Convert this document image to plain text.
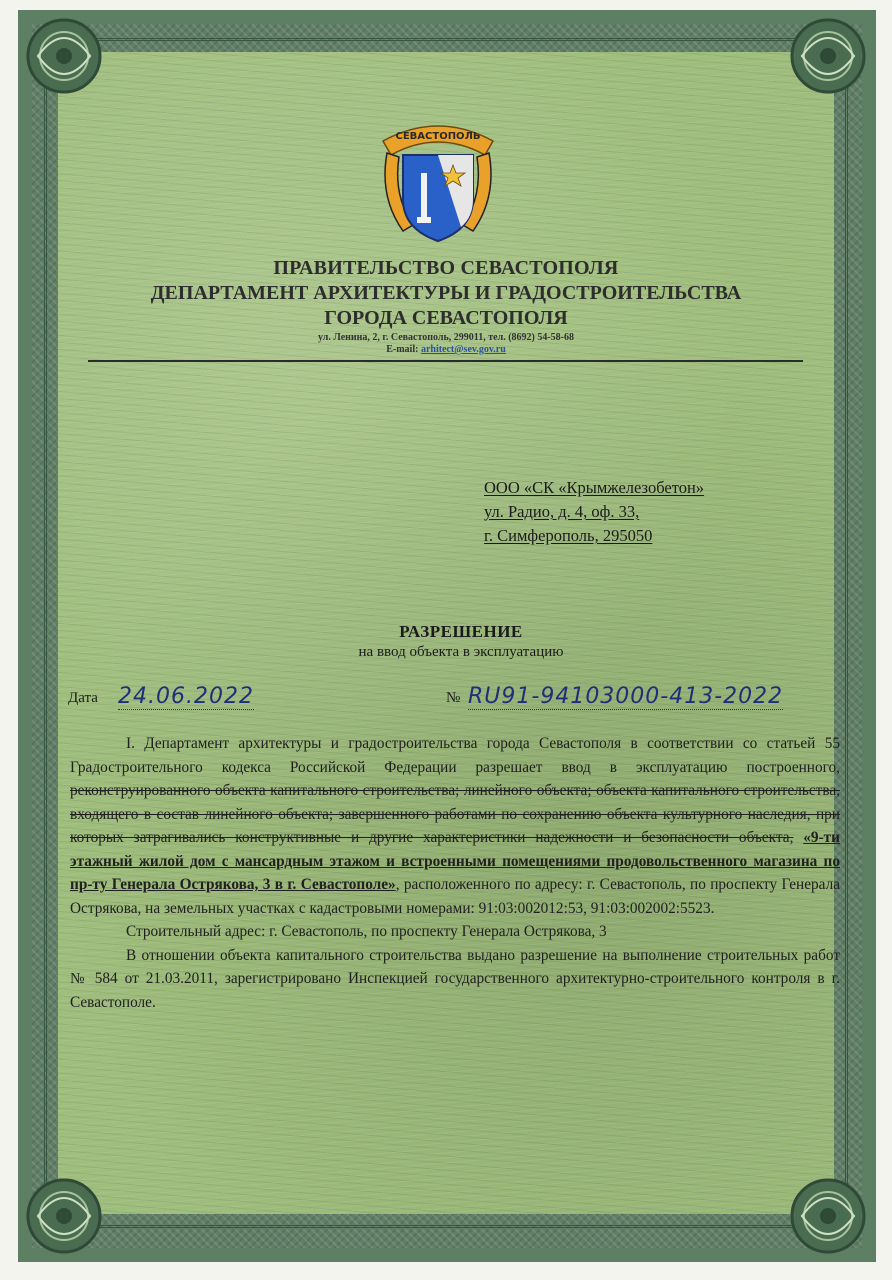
СЕВАСТОПОЛЬ
ПРАВИТЕЛЬСТВО СЕВАСТОПОЛЯ
ДЕПАРТАМЕНТ АРХИТЕКТУРЫ И ГРАДОСТРОИТЕЛЬСТВА
ГОРОДА СЕВАСТОПОЛЯ
ул. Ленина, 2, г. Севастополь, 299011, тел. (8692) 54-58-68
E-mail: arhitect@sev.gov.ru
ООО «СК «Крымжелезобетон»
ул. Радио, д. 4, оф. 33,
г. Симферополь, 295050
РАЗРЕШЕНИЕ
на ввод объекта в эксплуатацию
Дата 24.06.2022	№ RU91-94103000-413-2022

I. Департамент архитектуры и градостроительства города Севастополя в соответствии со статьей 55 Градостроительного кодекса Российской Федерации разрешает ввод в эксплуатацию построенного, реконструированного объекта капитального строительства; линейного объекта; объекта капитального строительства, входящего в состав линейного объекта; завершенного работами по сохранению объекта культурного наследия, при которых затрагивались конструктивные и другие характеристики надежности и безопасности объекта, «9-ти этажный жилой дом с мансардным этажом и встроенными помещениями продовольственного магазина по пр-ту Генерала Острякова, 3 в г. Севастополе», расположенного по адресу: г. Севастополь, по проспекту Генерала Острякова, на земельных участках с кадастровыми номерами: 91:03:002012:53, 91:03:002002:5523.

Строительный адрес: г. Севастополь, по проспекту Генерала Острякова, 3

В отношении объекта капитального строительства выдано разрешение на выполнение строительных работ № 584 от 21.03.2011, зарегистрировано Инспекцией государственного архитектурно-строительного контроля в г. Севастополе.
